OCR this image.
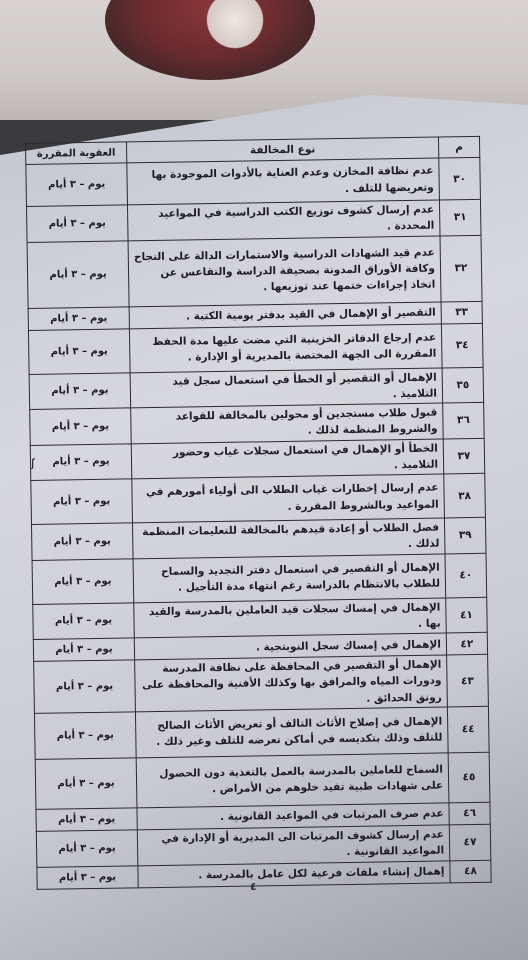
م	نوع المخالفة	العقوبة المقررة
٣٠	عدم نظافة المخازن وعدم العناية بالأدوات الموجودة بها وتعريضها للتلف .	يوم – ٣ أيام
٣١	عدم إرسال كشوف توزيع الكتب الدراسية في المواعيد المحددة .	يوم – ٣ أيام
٣٢	عدم قيد الشهادات الدراسية والاستمارات الدالة على النجاح وكافة الأوراق المدونة بصحيفة الدراسة والتقاعس عن اتخاذ إجراءات ختمها عند توزيعها .	يوم – ٣ أيام
٣٣	التقصير أو الإهمال في القيد بدفتر يومية الكتبة .	يوم – ٣ أيام
٣٤	عدم إرجاع الدفاتر الخزينية التي مضت عليها مدة الحفظ المقررة الى الجهة المختصة بالمديرية أو الإدارة .	يوم – ٣ أيام
٣٥	الإهمال أو التقصير أو الخطأ في استعمال سجل قيد التلاميذ .	يوم – ٣ أيام
٣٦	قبول طلاب مستجدين أو محولين بالمخالفة للقواعد والشروط المنظمة لذلك .	يوم – ٣ أيام
٣٧	الخطأ أو الإهمال في استعمال سجلات غياب وحضور التلاميذ .	يوم – ٣ أيام
٣٨	عدم إرسال إخطارات غياب الطلاب الى أولياء أمورهم في المواعيد وبالشروط المقررة .	يوم – ٣ أيام
٣٩	فصل الطلاب أو إعادة قيدهم بالمخالفة للتعليمات المنظمة لذلك .	يوم – ٣ أيام
٤٠	الإهمال أو التقصير في استعمال دفتر التجديد والسماح للطلاب بالانتظام بالدراسة رغم انتهاء مدة التأجيل .	يوم – ٣ أيام
٤١	الإهمال في إمساك سجلات قيد العاملين بالمدرسة والقيد بها .	يوم – ٣ أيام
٤٢	الإهمال في إمساك سجل النوبتجية .	يوم – ٣ أيام
٤٣	الإهمال أو التقصير في المحافظة على نظافة المدرسة ودورات المياه والمرافق بها وكذلك الأفنية والمحافظة على رونق الحدائق .	يوم – ٣ أيام
٤٤	الإهمال في إصلاح الأثاث التالف أو تعريض الأثاث الصالح للتلف وذلك بتكديسه في أماكن تعرضه للتلف وغير ذلك .	يوم – ٣ أيام
٤٥	السماح للعاملين بالمدرسة بالعمل بالتغذية دون الحصول على شهادات طبية تفيد خلوهم من الأمراض .	يوم – ٣ أيام
٤٦	عدم صرف المرتبات في المواعيد القانونية .	يوم – ٣ أيام
٤٧	عدم إرسال كشوف المرتبات الى المديرية أو الإدارة في المواعيد القانونية .	يوم – ٣ أيام
٤٨	إهمال إنشاء ملفات فرعية لكل عامل بالمدرسة .	يوم – ٣ أيام
ꭍ
٤
